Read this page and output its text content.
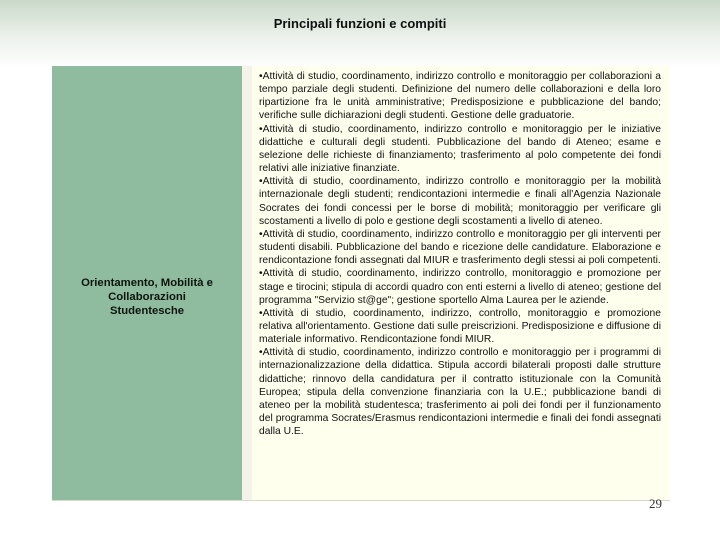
Principali funzioni e compiti
Orientamento, Mobilità e Collaborazioni Studentesche

• Attività di studio, coordinamento, indirizzo controllo e monitoraggio per collaborazioni a tempo parziale degli studenti. Definizione del numero delle collaborazioni e della loro ripartizione fra le unità amministrative; Predisposizione e pubblicazione del bando; verifiche sulle dichiarazioni degli studenti. Gestione delle graduatorie.

• Attività di studio, coordinamento, indirizzo controllo e monitoraggio per le iniziative didattiche e culturali degli studenti. Pubblicazione del bando di Ateneo; esame e selezione delle richieste di finanziamento; trasferimento al polo competente dei fondi relativi alle iniziative finanziate.

• Attività di studio, coordinamento, indirizzo controllo e monitoraggio per la mobilità internazionale degli studenti; rendicontazioni intermedie e finali all'Agenzia Nazionale Socrates dei fondi concessi per le borse di mobilità; monitoraggio per verificare gli scostamenti a livello di polo e gestione degli scostamenti a livello di ateneo.

• Attività di studio, coordinamento, indirizzo controllo e monitoraggio per gli interventi per studenti disabili. Pubblicazione del bando e ricezione delle candidature. Elaborazione e rendicontazione fondi assegnati dal MIUR e trasferimento degli stessi ai poli competenti.

• Attività di studio, coordinamento, indirizzo controllo, monitoraggio e promozione per stage e tirocini; stipula di accordi quadro con enti esterni a livello di ateneo; gestione del programma "Servizio st@ge"; gestione sportello Alma Laurea per le aziende.

• Attività di studio, coordinamento, indirizzo, controllo, monitoraggio e promozione relativa all'orientamento. Gestione dati sulle preiscrizioni. Predisposizione e diffusione di materiale informativo. Rendicontazione fondi MIUR.

• Attività di studio, coordinamento, indirizzo controllo e monitoraggio per i programmi di internazionalizzazione della didattica. Stipula accordi bilaterali proposti dalle strutture didattiche; rinnovo della candidatura per il contratto istituzionale con la Comunità Europea; stipula della convenzione finanziaria con la U.E.; pubblicazione bandi di ateneo per la mobilità studentesca; trasferimento ai poli dei fondi per il funzionamento del programma Socrates/Erasmus rendicontazioni intermedie e finali dei fondi assegnati dalla U.E.

29
